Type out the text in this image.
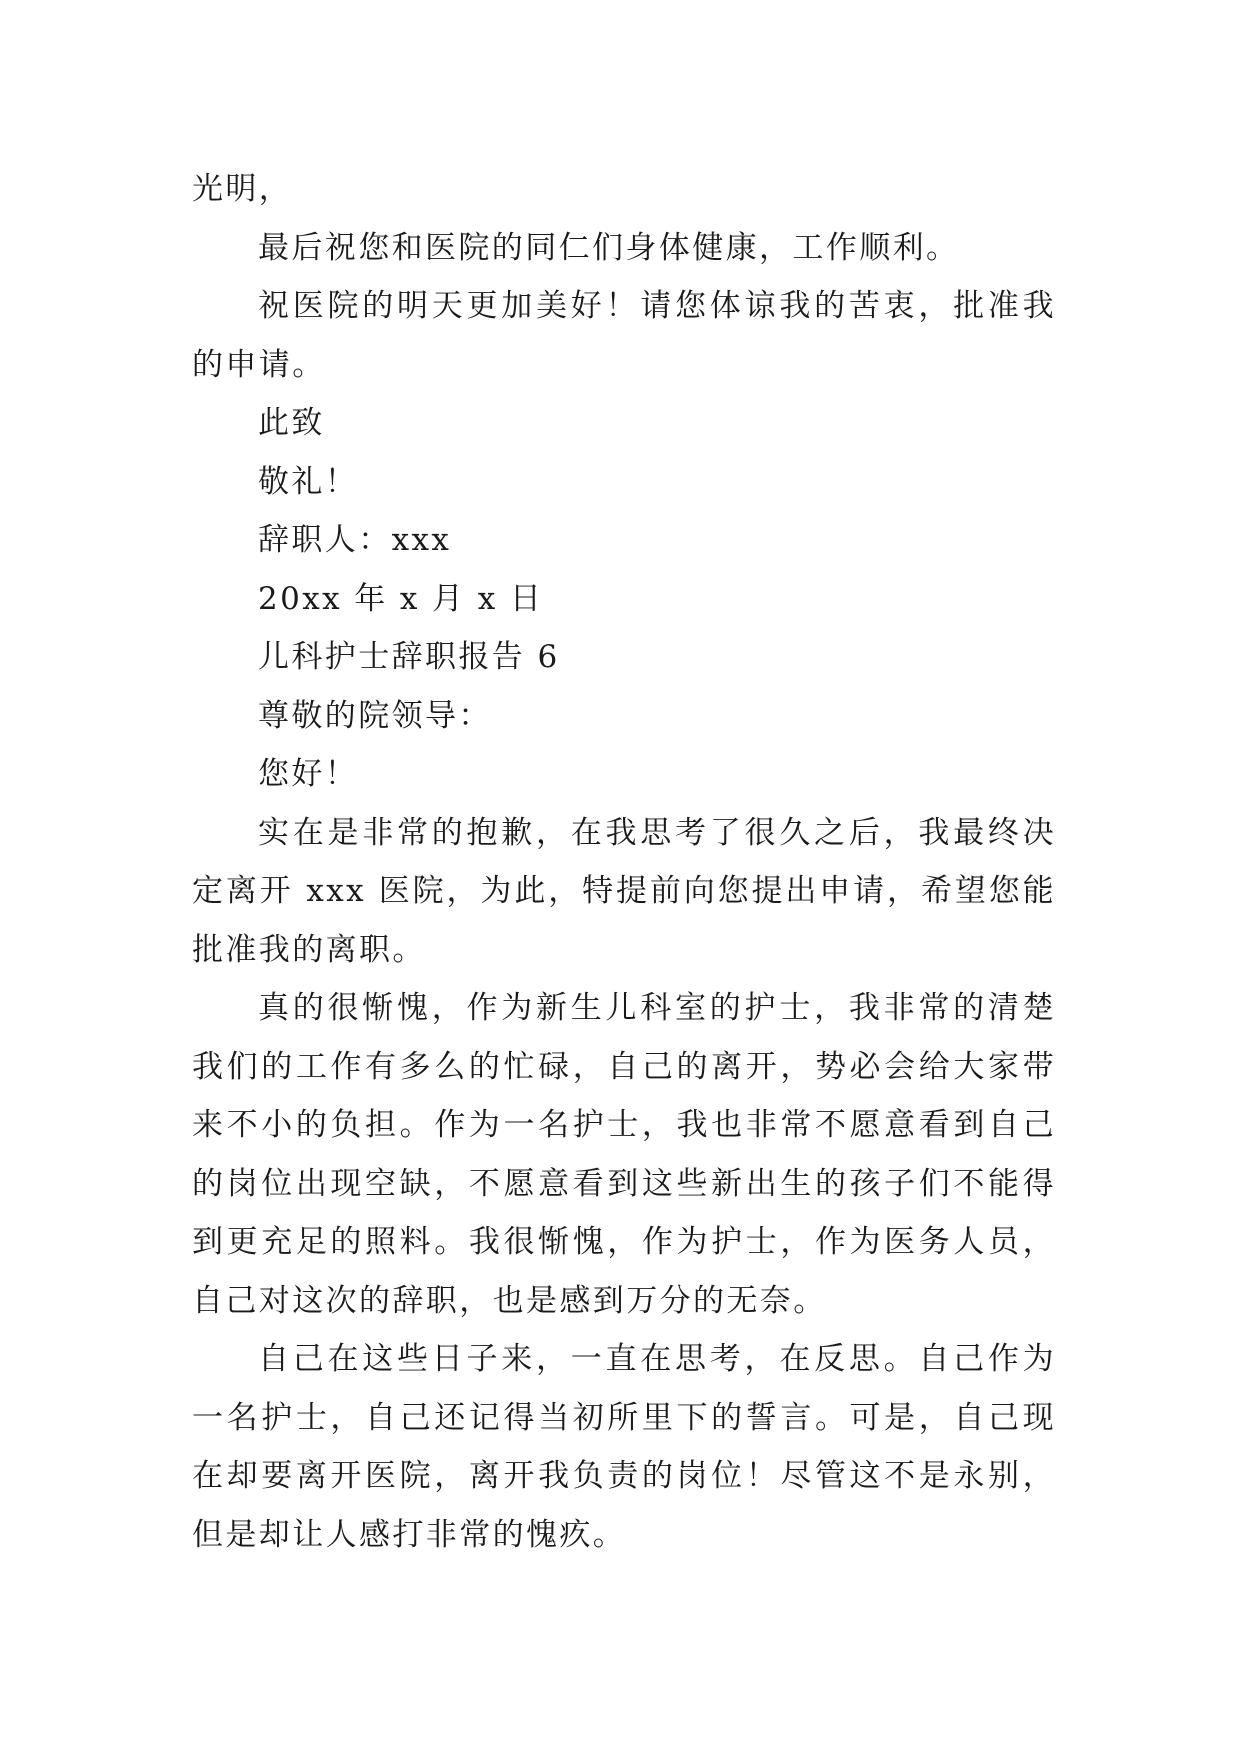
光明，

最后祝您和医院的同仁们身体健康，工作顺利。

祝医院的明天更加美好！请您体谅我的苦衷，批准我的申请。

此致

敬礼！

辞职人：xxx

20xx 年 x 月 x 日

儿科护士辞职报告 6

尊敬的院领导：

您好！

实在是非常的抱歉，在我思考了很久之后，我最终决定离开 xxx 医院，为此，特提前向您提出申请，希望您能批准我的离职。

真的很惭愧，作为新生儿科室的护士，我非常的清楚我们的工作有多么的忙碌，自己的离开，势必会给大家带来不小的负担。作为一名护士，我也非常不愿意看到自己的岗位出现空缺，不愿意看到这些新出生的孩子们不能得到更充足的照料。我很惭愧，作为护士，作为医务人员，自己对这次的辞职，也是感到万分的无奈。

自己在这些日子来，一直在思考，在反思。自己作为一名护士，自己还记得当初所里下的誓言。可是，自己现在却要离开医院，离开我负责的岗位！尽管这不是永别，但是却让人感打非常的愧疚。
